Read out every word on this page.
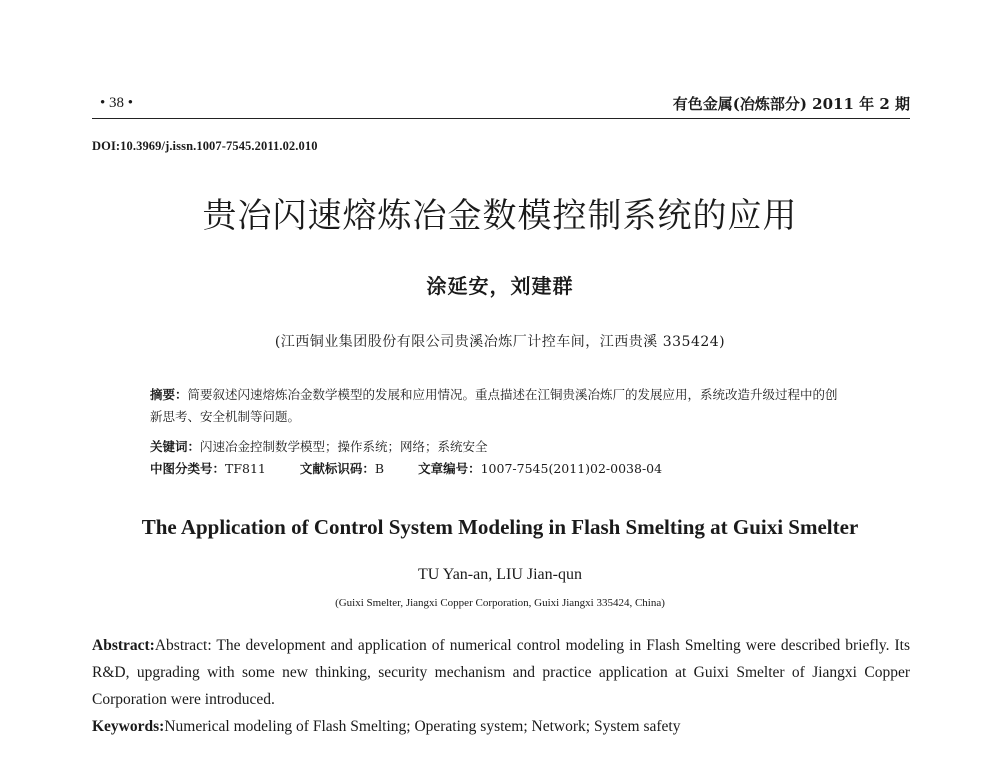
• 38 •	有色金属(冶炼部分) 2011 年 2 期
DOI:10.3969/j.issn.1007-7545.2011.02.010
贵冶闪速熔炼冶金数模控制系统的应用
涂延安，刘建群
(江西铜业集团股份有限公司贵溪冶炼厂计控车间，江西贵溪 335424)
摘要：简要叙述闪速熔炼冶金数学模型的发展和应用情况。重点描述在江铜贵溪冶炼厂的发展应用，系统改造升级过程中的创新思考、安全机制等问题。
关键词：闪速冶金控制数学模型；操作系统；网络；系统安全
中图分类号：TF811	文献标识码：B	文章编号：1007-7545(2011)02-0038-04
The Application of Control System Modeling in Flash Smelting at Guixi Smelter
TU Yan-an, LIU Jian-qun
(Guixi Smelter, Jiangxi Copper Corporation, Guixi Jiangxi 335424, China)
Abstract:Abstract: The development and application of numerical control modeling in Flash Smelting were described briefly. Its R&D, upgrading with some new thinking, security mechanism and practice application at Guixi Smelter of Jiangxi Copper Corporation were introduced.
Keywords:Numerical modeling of Flash Smelting; Operating system; Network; System safety
